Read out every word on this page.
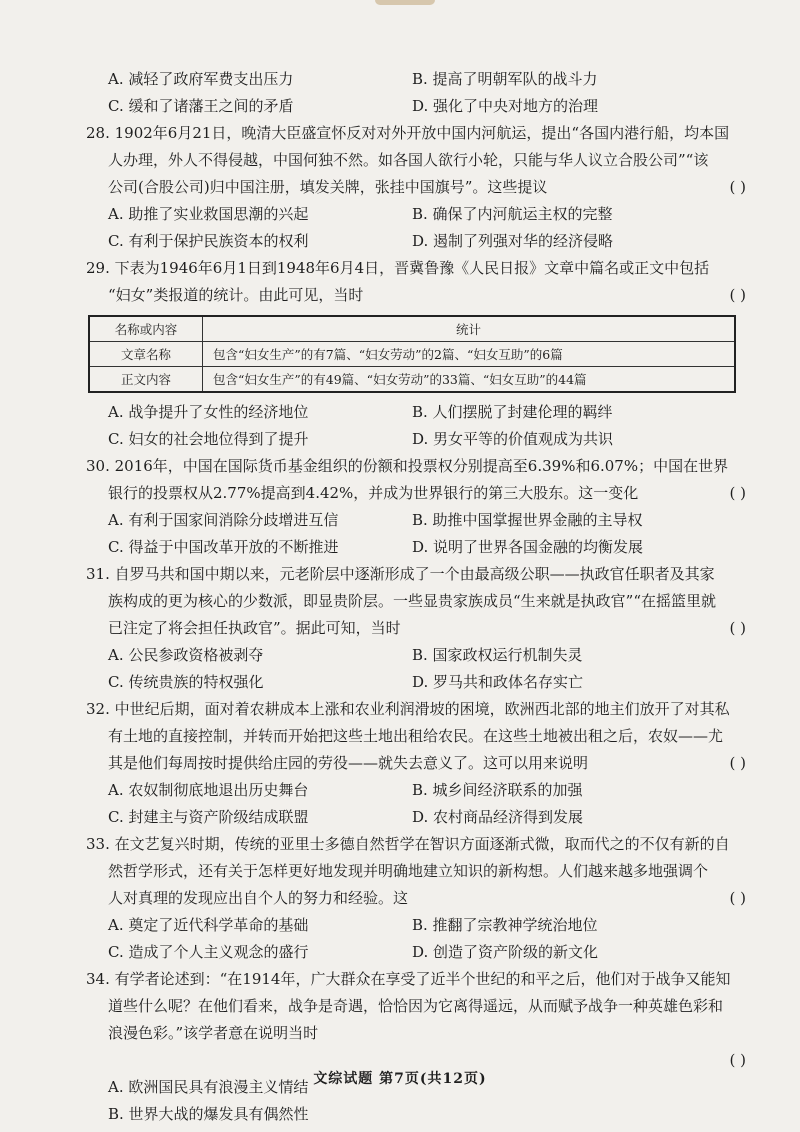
A. 减轻了政府军费支出压力	B. 提高了明朝军队的战斗力
C. 缓和了诸藩王之间的矛盾	D. 强化了中央对地方的治理
28. 1902年6月21日，晚清大臣盛宣怀反对对外开放中国内河航运，提出“各国内港行船，均本国
人办理，外人不得侵越，中国何独不然。如各国人欲行小轮，只能与华人议立合股公司”“该
公司(合股公司)归中国注册，填发关牌，张挂中国旗号”。这些提议	( )
A. 助推了实业救国思潮的兴起	B. 确保了内河航运主权的完整
C. 有利于保护民族资本的权利	D. 遏制了列强对华的经济侵略
29. 下表为1946年6月1日到1948年6月4日，晋冀鲁豫《人民日报》文章中篇名或正文中包括
“妇女”类报道的统计。由此可见，当时	( )
名称或内容	统计
文章名称	包含“妇女生产”的有7篇、“妇女劳动”的2篇、“妇女互助”的6篇
正文内容	包含“妇女生产”的有49篇、“妇女劳动”的33篇、“妇女互助”的44篇
A. 战争提升了女性的经济地位	B. 人们摆脱了封建伦理的羁绊
C. 妇女的社会地位得到了提升	D. 男女平等的价值观成为共识
30. 2016年，中国在国际货币基金组织的份额和投票权分别提高至6.39%和6.07%；中国在世界
银行的投票权从2.77%提高到4.42%，并成为世界银行的第三大股东。这一变化	( )
A. 有利于国家间消除分歧增进互信	B. 助推中国掌握世界金融的主导权
C. 得益于中国改革开放的不断推进	D. 说明了世界各国金融的均衡发展
31. 自罗马共和国中期以来，元老阶层中逐渐形成了一个由最高级公职——执政官任职者及其家
族构成的更为核心的少数派，即显贵阶层。一些显贵家族成员“生来就是执政官”“在摇篮里就
已注定了将会担任执政官”。据此可知，当时	( )
A. 公民参政资格被剥夺	B. 国家政权运行机制失灵
C. 传统贵族的特权强化	D. 罗马共和政体名存实亡
32. 中世纪后期，面对着农耕成本上涨和农业利润滑坡的困境，欧洲西北部的地主们放开了对其私
有土地的直接控制，并转而开始把这些土地出租给农民。在这些土地被出租之后，农奴——尤
其是他们每周按时提供给庄园的劳役——就失去意义了。这可以用来说明	( )
A. 农奴制彻底地退出历史舞台	B. 城乡间经济联系的加强
C. 封建主与资产阶级结成联盟	D. 农村商品经济得到发展
33. 在文艺复兴时期，传统的亚里士多德自然哲学在智识方面逐渐式微，取而代之的不仅有新的自
然哲学形式，还有关于怎样更好地发现并明确地建立知识的新构想。人们越来越多地强调个
人对真理的发现应出自个人的努力和经验。这	( )
A. 奠定了近代科学革命的基础	B. 推翻了宗教神学统治地位
C. 造成了个人主义观念的盛行	D. 创造了资产阶级的新文化
34. 有学者论述到：“在1914年，广大群众在享受了近半个世纪的和平之后，他们对于战争又能知
道些什么呢？在他们看来，战争是奇遇，恰恰因为它离得遥远，从而赋予战争一种英雄色彩和
浪漫色彩。”该学者意在说明当时
( )
A. 欧洲国民具有浪漫主义情结
B. 世界大战的爆发具有偶然性
文综试题 第7页(共12页)
